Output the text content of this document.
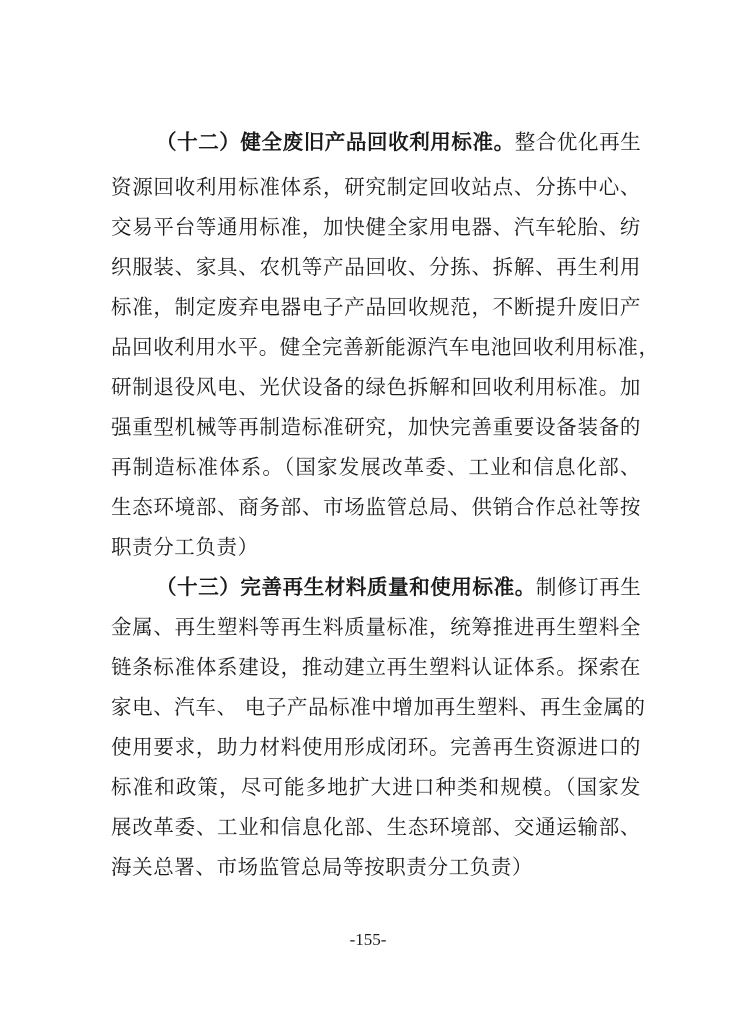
（十二）健全废旧产品回收利用标准。整合优化再生
资源回收利用标准体系，研究制定回收站点、分拣中心、
交易平台等通用标准，加快健全家用电器、汽车轮胎、纺
织服装、家具、农机等产品回收、分拣、拆解、再生利用
标准，制定废弃电器电子产品回收规范，不断提升废旧产
品回收利用水平。健全完善新能源汽车电池回收利用标准，
研制退役风电、光伏设备的绿色拆解和回收利用标准。加
强重型机械等再制造标准研究，加快完善重要设备装备的
再制造标准体系。（国家发展改革委、工业和信息化部、
生态环境部、商务部、市场监管总局、供销合作总社等按
职责分工负责）
（十三）完善再生材料质量和使用标准。制修订再生
金属、再生塑料等再生料质量标准，统筹推进再生塑料全
链条标准体系建设，推动建立再生塑料认证体系。探索在
家电、汽车、 电子产品标准中增加再生塑料、再生金属的
使用要求，助力材料使用形成闭环。完善再生资源进口的
标准和政策，尽可能多地扩大进口种类和规模。（国家发
展改革委、工业和信息化部、生态环境部、交通运输部、
海关总署、市场监管总局等按职责分工负责）
-155-
